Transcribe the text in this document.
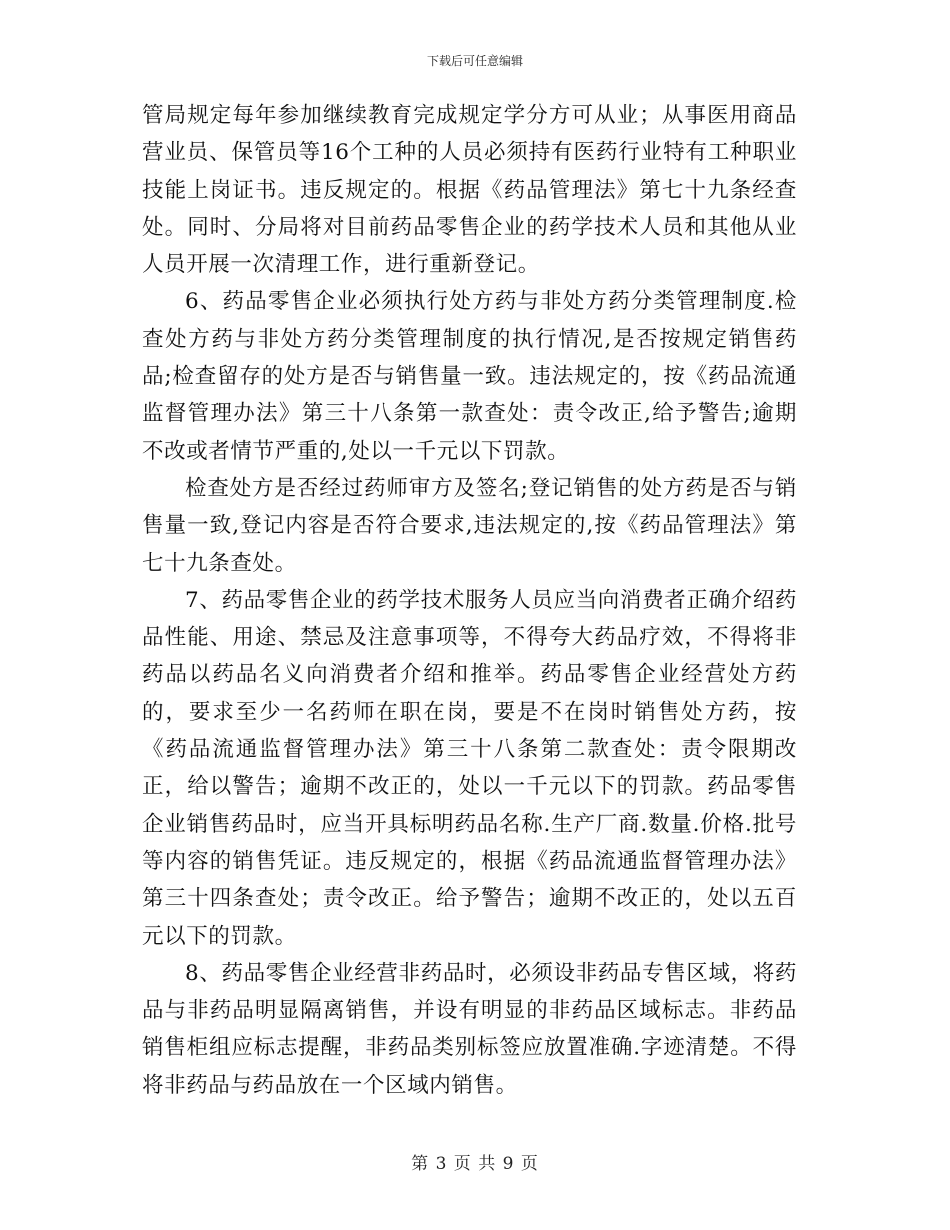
下载后可任意编辑

管局规定每年参加继续教育完成规定学分方可从业；从事医用商品营业员、保管员等16个工种的人员必须持有医药行业特有工种职业技能上岗证书。违反规定的。根据《药品管理法》第七十九条经查处。同时、分局将对目前药品零售企业的药学技术人员和其他从业人员开展一次清理工作，进行重新登记。

6、药品零售企业必须执行处方药与非处方药分类管理制度.检查处方药与非处方药分类管理制度的执行情况,是否按规定销售药品;检查留存的处方是否与销售量一致。违法规定的，按《药品流通监督管理办法》第三十八条第一款查处：责令改正,给予警告;逾期不改或者情节严重的,处以一千元以下罚款。

检查处方是否经过药师审方及签名;登记销售的处方药是否与销售量一致,登记内容是否符合要求,违法规定的,按《药品管理法》第七十九条查处。

7、药品零售企业的药学技术服务人员应当向消费者正确介绍药品性能、用途、禁忌及注意事项等，不得夸大药品疗效，不得将非药品以药品名义向消费者介绍和推举。药品零售企业经营处方药的，要求至少一名药师在职在岗，要是不在岗时销售处方药，按《药品流通监督管理办法》第三十八条第二款查处：责令限期改正，给以警告；逾期不改正的，处以一千元以下的罚款。药品零售企业销售药品时，应当开具标明药品名称.生产厂商.数量.价格.批号等内容的销售凭证。违反规定的，根据《药品流通监督管理办法》第三十四条查处；责令改正。给予警告；逾期不改正的，处以五百元以下的罚款。

8、药品零售企业经营非药品时，必须设非药品专售区域，将药品与非药品明显隔离销售，并设有明显的非药品区域标志。非药品销售柜组应标志提醒，非药品类别标签应放置准确.字迹清楚。不得将非药品与药品放在一个区域内销售。

第 3 页 共 9 页
